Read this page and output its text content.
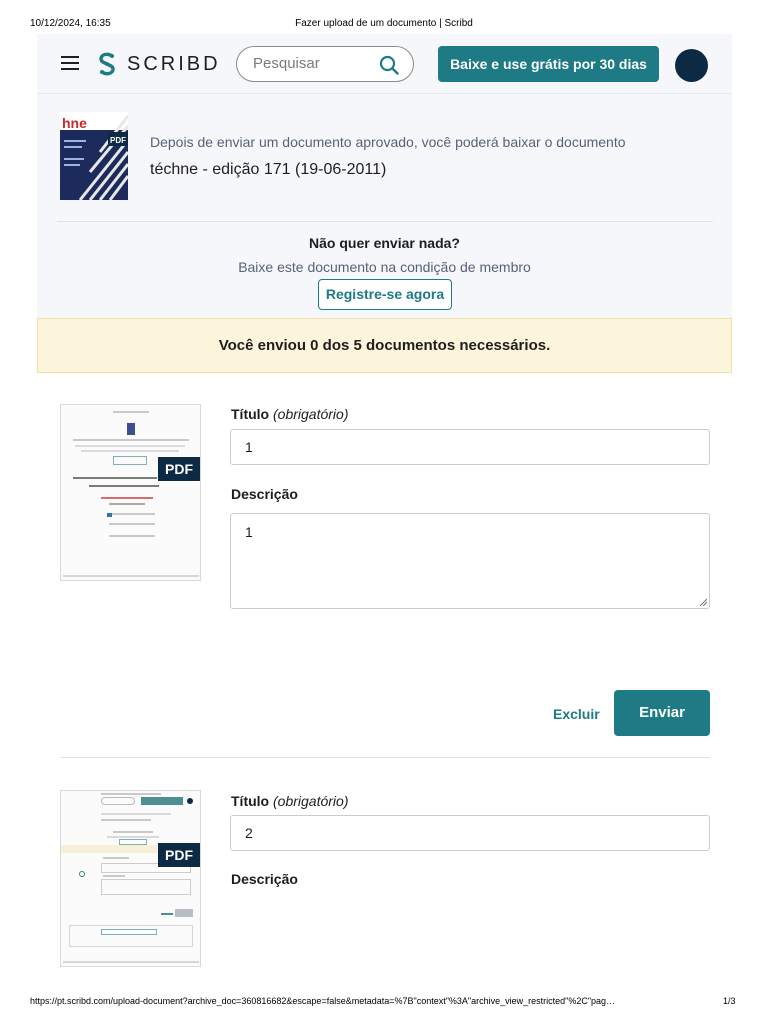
10/12/2024, 16:35	Fazer upload de um documento | Scribd
SCRIBD
Pesquisar	Baixe e use grátis por 30 dias
hne
PDF Depois de enviar um documento aprovado, você poderá baixar o documento
téchne - edição 171 (19-06-2011)
Não quer enviar nada?
Baixe este documento na condição de membro
Registre-se agora
Você enviou 0 dos 5 documentos necessários.
PDF
Título (obrigatório)
1
Descrição
1
Excluir	Enviar
PDF
Título (obrigatório)
2
Descrição
https://pt.scribd.com/upload-document?archive_doc=360816682&escape=false&metadata=%7B"context"%3A"archive_view_restricted"%2C"pag…	1/3
